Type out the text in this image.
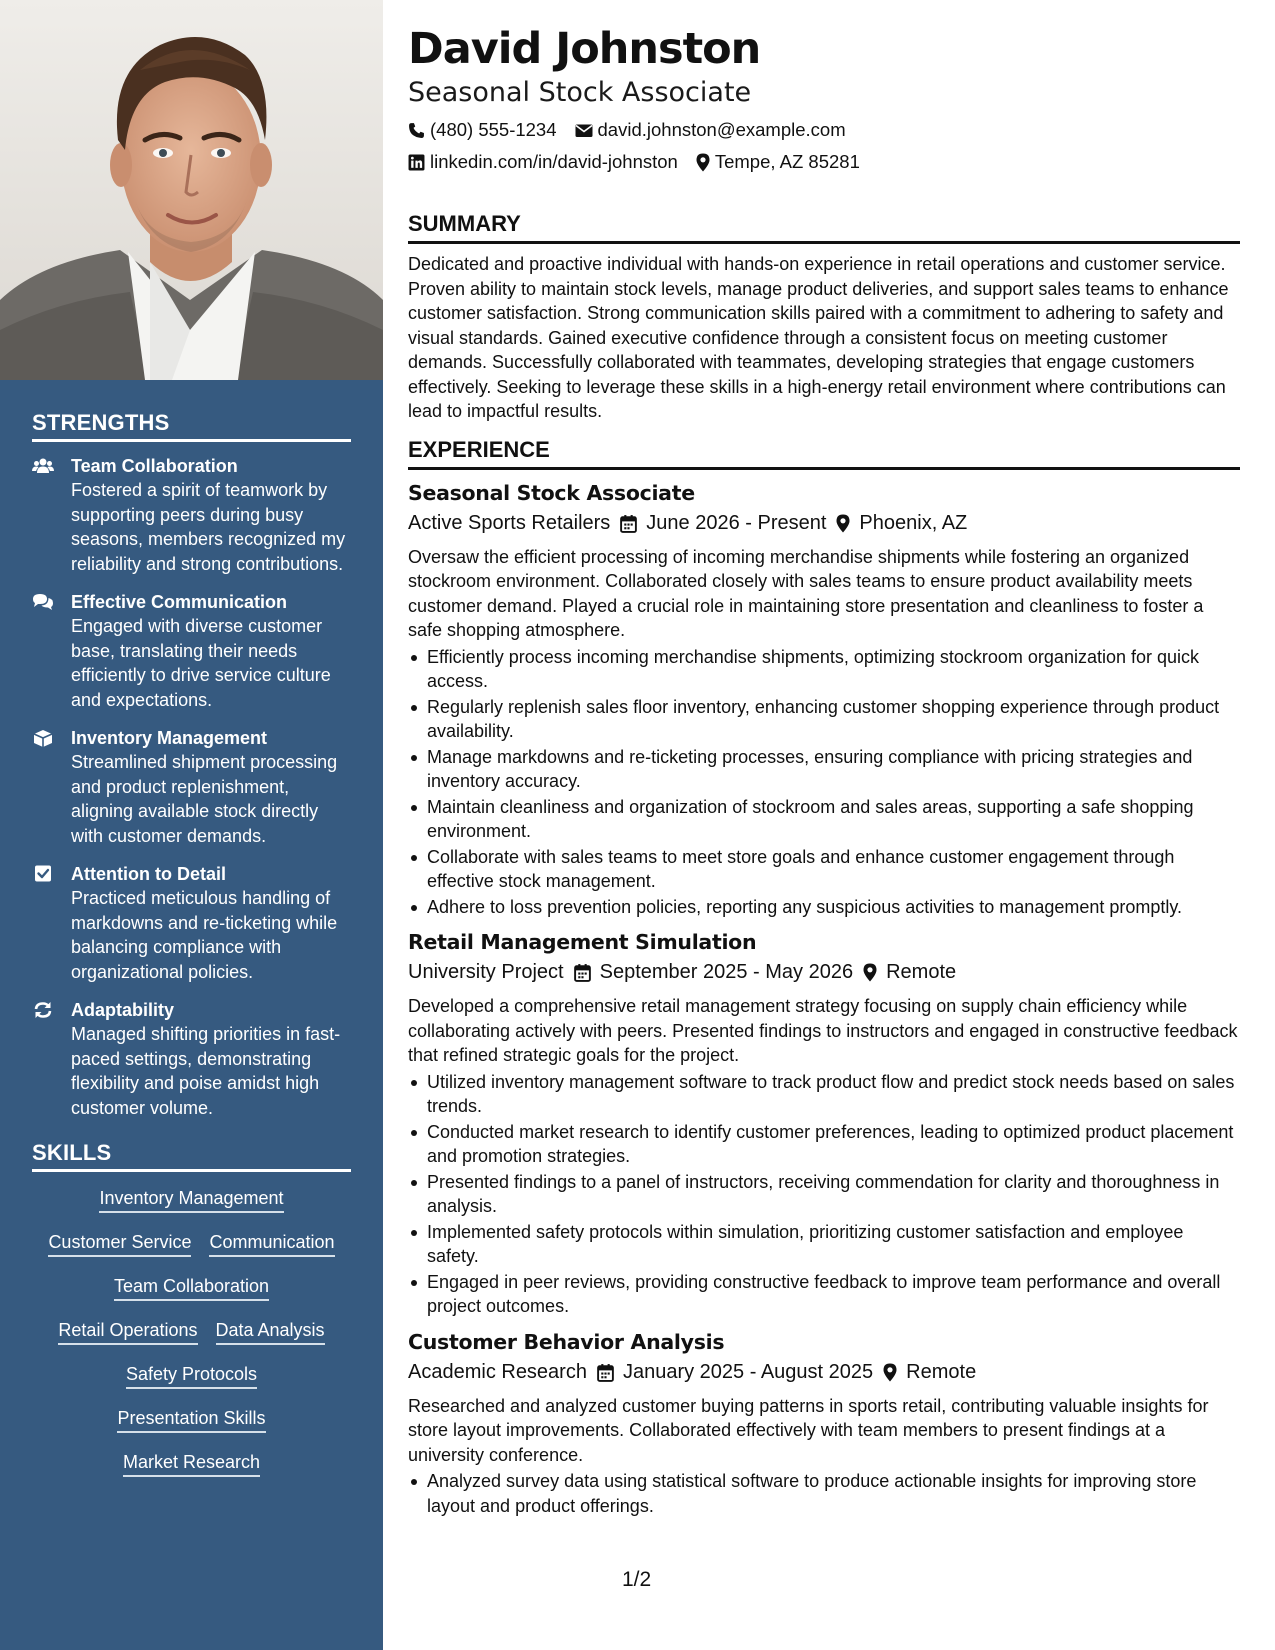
STRENGTHS
Team Collaboration
Fostered a spirit of teamwork by supporting peers during busy seasons, members recognized my reliability and strong contributions.
Effective Communication
Engaged with diverse customer base, translating their needs efficiently to drive service culture and expectations.
Inventory Management
Streamlined shipment processing and product replenishment, aligning available stock directly with customer demands.
Attention to Detail
Practiced meticulous handling of markdowns and re-ticketing while balancing compliance with organizational policies.
Adaptability
Managed shifting priorities in fast-paced settings, demonstrating flexibility and poise amidst high customer volume.
SKILLS
Inventory Management
Customer Service Communication
Team Collaboration
Retail Operations Data Analysis
Safety Protocols
Presentation Skills
Market Research
David Johnston
Seasonal Stock Associate
(480) 555-1234 david.johnston@example.com
linkedin.com/in/david-johnston Tempe, AZ 85281
SUMMARY

Dedicated and proactive individual with hands-on experience in retail operations and customer service. Proven ability to maintain stock levels, manage product deliveries, and support sales teams to enhance customer satisfaction. Strong communication skills paired with a commitment to adhering to safety and visual standards. Gained executive confidence through a consistent focus on meeting customer demands. Successfully collaborated with teammates, developing strategies that engage customers effectively. Seeking to leverage these skills in a high-energy retail environment where contributions can lead to impactful results.

EXPERIENCE
Seasonal Stock Associate
Active Sports Retailers June 2026 - Present Phoenix, AZ

Oversaw the efficient processing of incoming merchandise shipments while fostering an organized stockroom environment. Collaborated closely with sales teams to ensure product availability meets customer demand. Played a crucial role in maintaining store presentation and cleanliness to foster a safe shopping atmosphere.

Efficiently process incoming merchandise shipments, optimizing stockroom organization for quick access.
Regularly replenish sales floor inventory, enhancing customer shopping experience through product availability.
Manage markdowns and re-ticketing processes, ensuring compliance with pricing strategies and inventory accuracy.
Maintain cleanliness and organization of stockroom and sales areas, supporting a safe shopping environment.
Collaborate with sales teams to meet store goals and enhance customer engagement through effective stock management.
Adhere to loss prevention policies, reporting any suspicious activities to management promptly.
Retail Management Simulation
University Project September 2025 - May 2026 Remote

Developed a comprehensive retail management strategy focusing on supply chain efficiency while collaborating actively with peers. Presented findings to instructors and engaged in constructive feedback that refined strategic goals for the project.

Utilized inventory management software to track product flow and predict stock needs based on sales trends.
Conducted market research to identify customer preferences, leading to optimized product placement and promotion strategies.
Presented findings to a panel of instructors, receiving commendation for clarity and thoroughness in analysis.
Implemented safety protocols within simulation, prioritizing customer satisfaction and employee safety.
Engaged in peer reviews, providing constructive feedback to improve team performance and overall project outcomes.
Customer Behavior Analysis
Academic Research January 2025 - August 2025 Remote

Researched and analyzed customer buying patterns in sports retail, contributing valuable insights for store layout improvements. Collaborated effectively with team members to present findings at a university conference.

Analyzed survey data using statistical software to produce actionable insights for improving store layout and product offerings.
1/2
